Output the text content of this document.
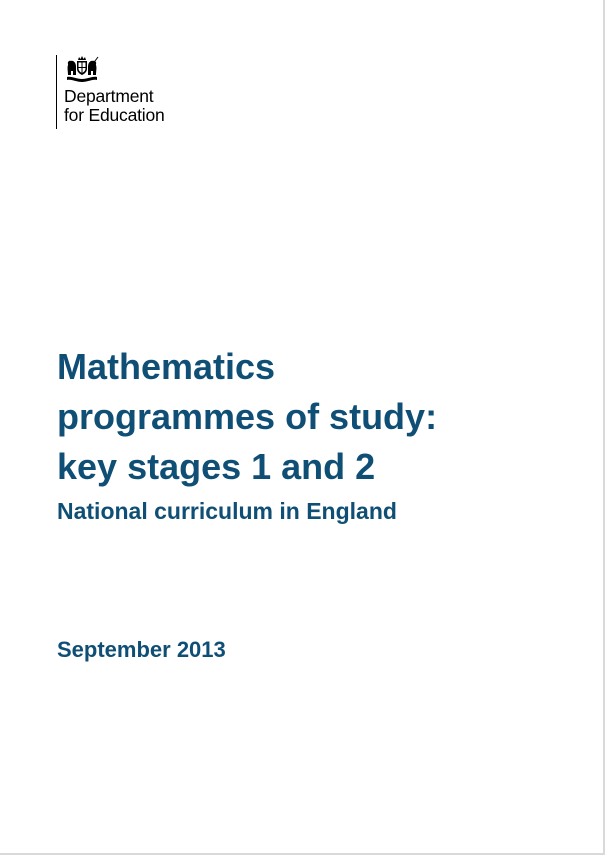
Department
for Education
Mathematics
programmes of study:
key stages 1 and 2
National curriculum in England

September 2013
